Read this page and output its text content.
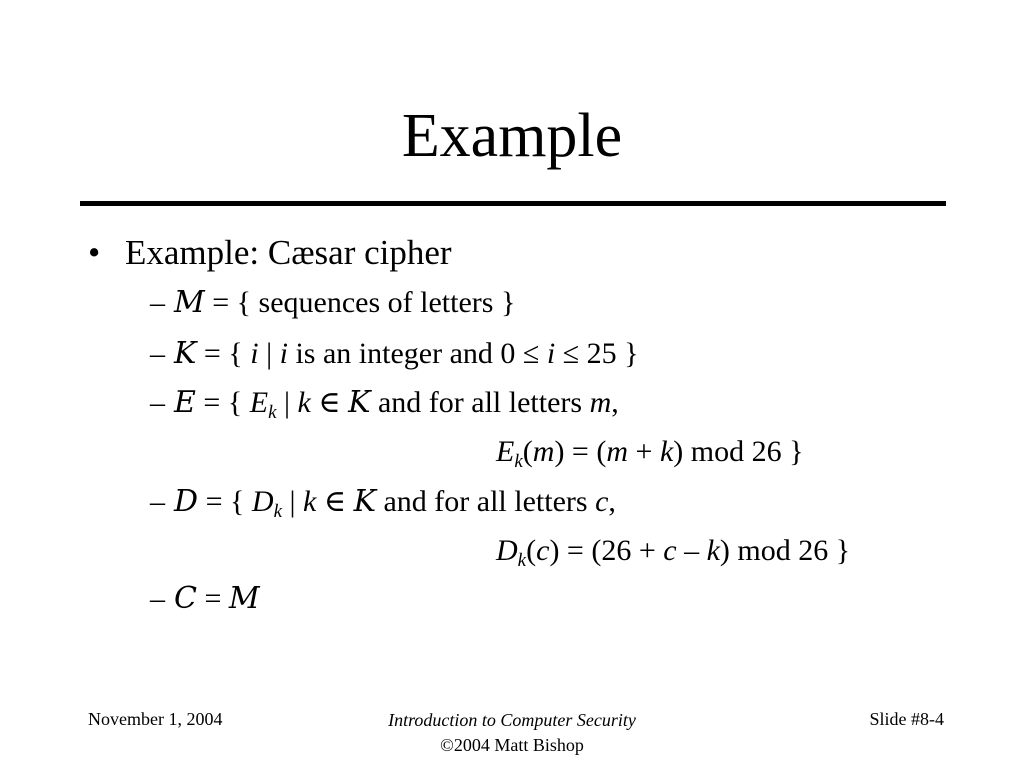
Example
• Example: Cæsar cipher
– M = { sequences of letters }
– K = { i | i is an integer and 0 ≤ i ≤ 25 }
– E = { $E_k$ | k ∈ K and for all letters m,
$E_k(m) = (m + k)$ mod 26 }
– D = { $D_k$ | k ∈ K and for all letters c,
$D_k(c) = (26 + c - k)$ mod 26 }
– C = M
November 1, 2004	Introduction to Computer Security
©2004 Matt Bishop
Slide #8-4
